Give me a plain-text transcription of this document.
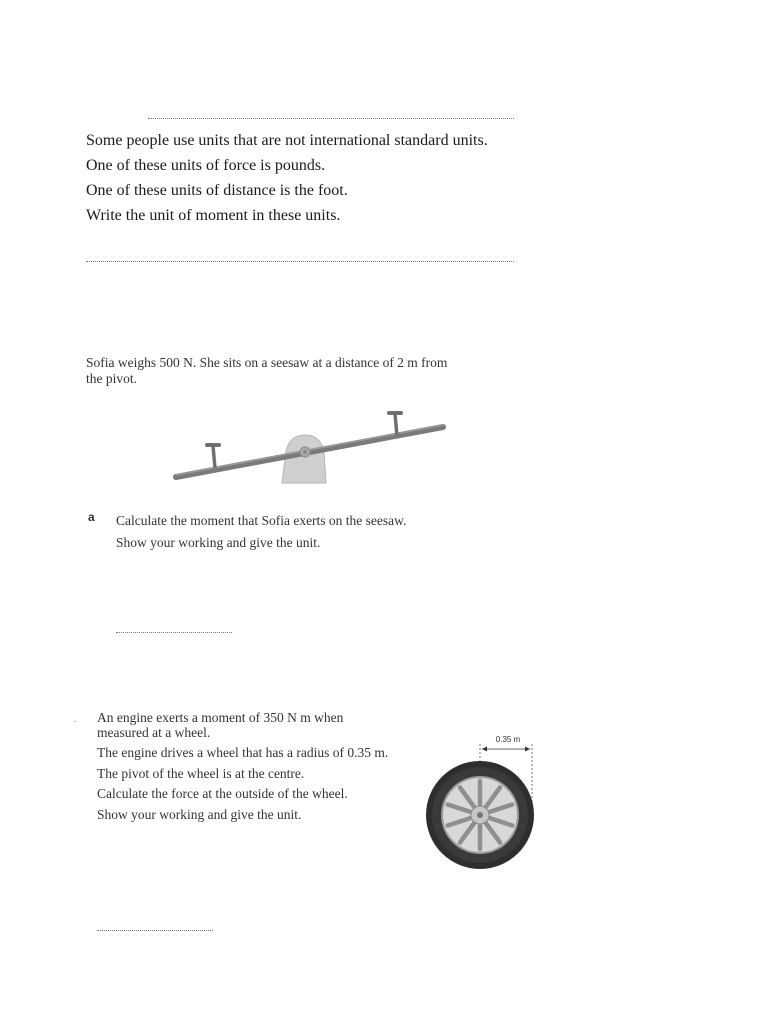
Some people use units that are not international standard units.

One of these units of force is pounds.

One of these units of distance is the foot.

Write the unit of moment in these units.

Sofia weighs 500 N. She sits on a seesaw at a distance of 2 m from the pivot.
a Calculate the moment that Sofia exerts on the seesaw.

Show your working and give the unit.

. An engine exerts a moment of 350 N m when measured at a wheel.

The engine drives a wheel that has a radius of 0.35 m.

The pivot of the wheel is at the centre.

Calculate the force at the outside of the wheel.

Show your working and give the unit.

0.35 m
